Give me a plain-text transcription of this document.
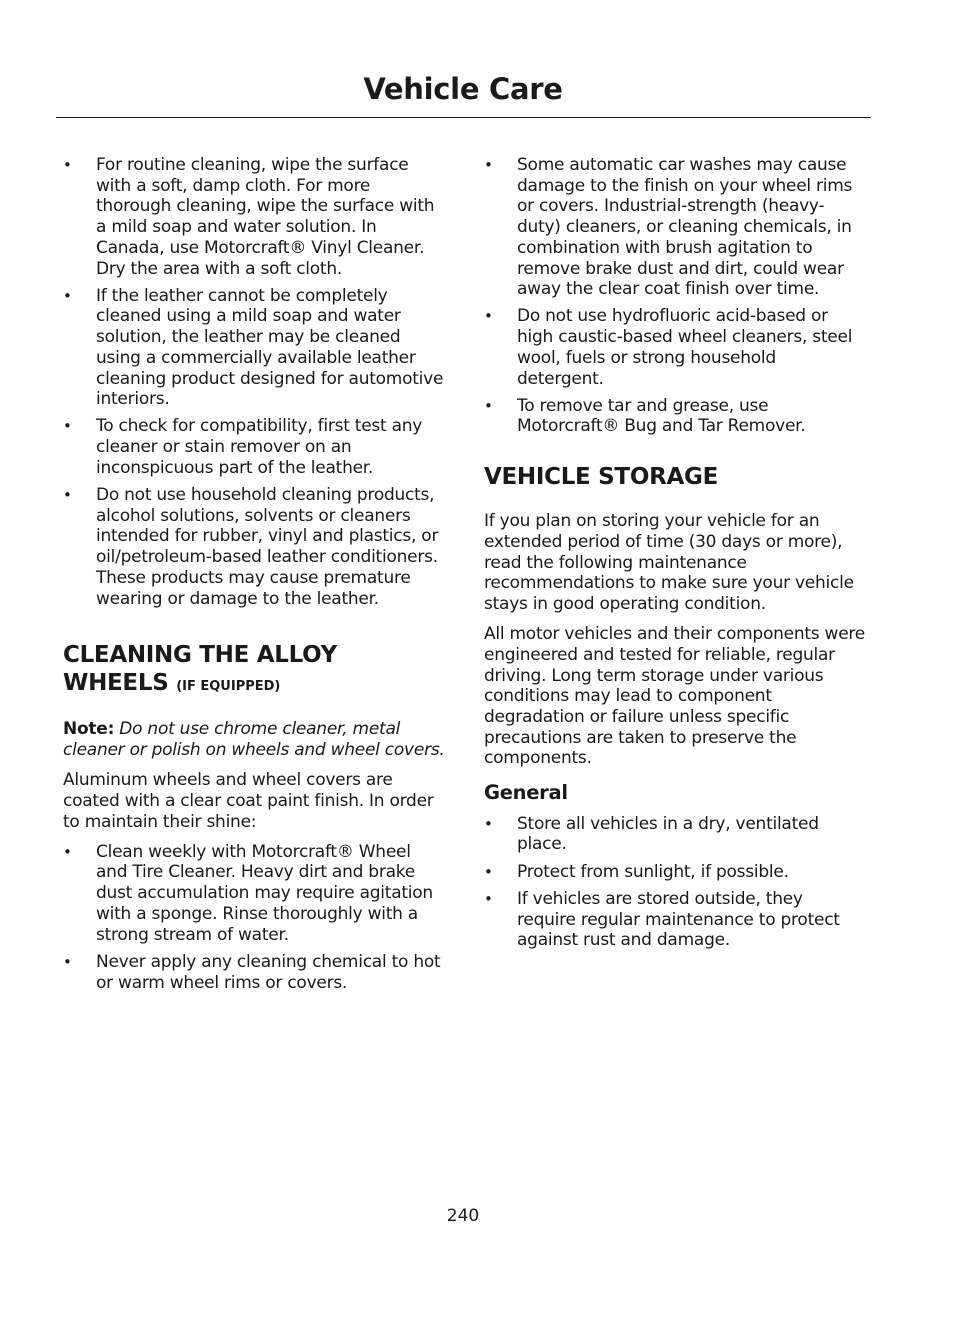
Vehicle Care
• For routine cleaning, wipe the surface with a soft, damp cloth. For more thorough cleaning, wipe the surface with a mild soap and water solution. In Canada, use Motorcraft® Vinyl Cleaner. Dry the area with a soft cloth.
• If the leather cannot be completely cleaned using a mild soap and water solution, the leather may be cleaned using a commercially available leather cleaning product designed for automotive interiors.
• To check for compatibility, first test any cleaner or stain remover on an inconspicuous part of the leather.
• Do not use household cleaning products, alcohol solutions, solvents or cleaners intended for rubber, vinyl and plastics, or oil/petroleum-based leather conditioners. These products may cause premature wearing or damage to the leather.
CLEANING THE ALLOY WHEELS (IF EQUIPPED)

Note: Do not use chrome cleaner, metal cleaner or polish on wheels and wheel covers.

Aluminum wheels and wheel covers are coated with a clear coat paint finish. In order to maintain their shine:

• Clean weekly with Motorcraft® Wheel and Tire Cleaner. Heavy dirt and brake dust accumulation may require agitation with a sponge. Rinse thoroughly with a strong stream of water.
• Never apply any cleaning chemical to hot or warm wheel rims or covers.
• Some automatic car washes may cause damage to the finish on your wheel rims or covers. Industrial-strength (heavy-duty) cleaners, or cleaning chemicals, in combination with brush agitation to remove brake dust and dirt, could wear away the clear coat finish over time.
• Do not use hydrofluoric acid-based or high caustic-based wheel cleaners, steel wool, fuels or strong household detergent.
• To remove tar and grease, use Motorcraft® Bug and Tar Remover.
VEHICLE STORAGE

If you plan on storing your vehicle for an extended period of time (30 days or more), read the following maintenance recommendations to make sure your vehicle stays in good operating condition.

All motor vehicles and their components were engineered and tested for reliable, regular driving. Long term storage under various conditions may lead to component degradation or failure unless specific precautions are taken to preserve the components.

General
• Store all vehicles in a dry, ventilated place.
• Protect from sunlight, if possible.
• If vehicles are stored outside, they require regular maintenance to protect against rust and damage.
240
